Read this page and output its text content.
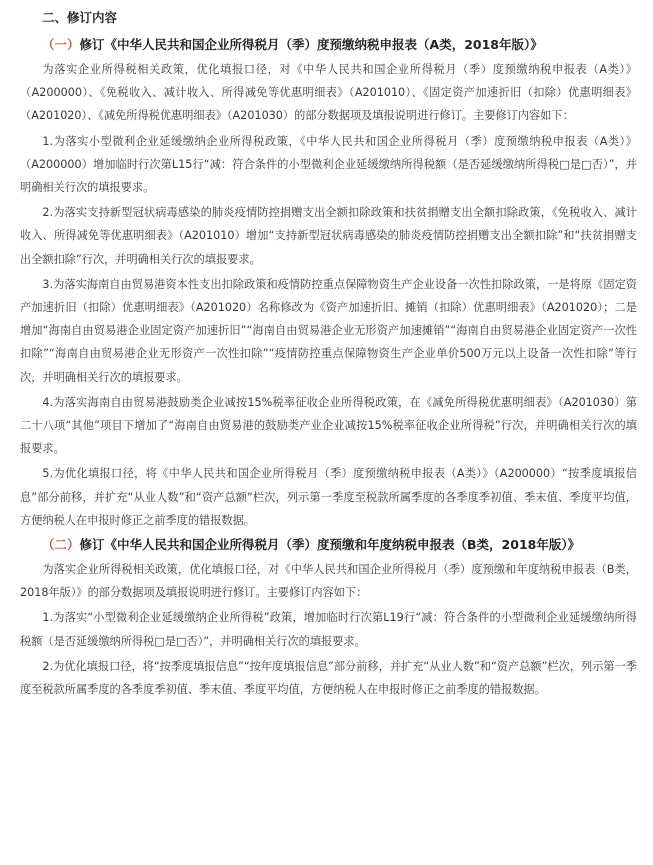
二、修订内容
（一）修订《中华人民共和国企业所得税月（季）度预缴纳税申报表（A类，2018年版）》

为落实企业所得税相关政策，优化填报口径，对《中华人民共和国企业所得税月（季）度预缴纳税申报表（A类）》（A200000）、《免税收入、减计收入、所得减免等优惠明细表》（A201010）、《固定资产加速折旧（扣除）优惠明细表》（A201020）、《减免所得税优惠明细表》（A201030）的部分数据项及填报说明进行修订。主要修订内容如下：

1.为落实小型微利企业延缓缴纳企业所得税政策，《中华人民共和国企业所得税月（季）度预缴纳税申报表（A类）》（A200000）增加临时行次第L15行“减：符合条件的小型微利企业延缓缴纳所得税额（是否延缓缴纳所得税□是□否）”，并明确相关行次的填报要求。

2.为落实支持新型冠状病毒感染的肺炎疫情防控捐赠支出全额扣除政策和扶贫捐赠支出全额扣除政策，《免税收入、减计收入、所得减免等优惠明细表》（A201010）增加“支持新型冠状病毒感染的肺炎疫情防控捐赠支出全额扣除”和“扶贫捐赠支出全额扣除”行次，并明确相关行次的填报要求。

3.为落实海南自由贸易港资本性支出扣除政策和疫情防控重点保障物资生产企业设备一次性扣除政策，一是将原《固定资产加速折旧（扣除）优惠明细表》（A201020）名称修改为《资产加速折旧、摊销（扣除）优惠明细表》（A201020）；二是增加“海南自由贸易港企业固定资产加速折旧”“海南自由贸易港企业无形资产加速摊销”“海南自由贸易港企业固定资产一次性扣除”“海南自由贸易港企业无形资产一次性扣除”“疫情防控重点保障物资生产企业单价500万元以上设备一次性扣除”等行次，并明确相关行次的填报要求。

4.为落实海南自由贸易港鼓励类企业减按15%税率征收企业所得税政策，在《减免所得税优惠明细表》（A201030）第二十八项“其他”项目下增加了“海南自由贸易港的鼓励类产业企业减按15%税率征收企业所得税”行次，并明确相关行次的填报要求。

5.为优化填报口径，将《中华人民共和国企业所得税月（季）度预缴纳税申报表（A类）》（A200000）“按季度填报信息”部分前移，并扩充“从业人数”和“资产总额”栏次，列示第一季度至税款所属季度的各季度季初值、季末值、季度平均值，方便纳税人在申报时修正之前季度的错报数据。

（二）修订《中华人民共和国企业所得税月（季）度预缴和年度纳税申报表（B类，2018年版）》

为落实企业所得税相关政策，优化填报口径，对《中华人民共和国企业所得税月（季）度预缴和年度纳税申报表（B类，2018年版）》的部分数据项及填报说明进行修订。主要修订内容如下：

1.为落实“小型微利企业延缓缴纳企业所得税”政策，增加临时行次第L19行“减：符合条件的小型微利企业延缓缴纳所得税额（是否延缓缴纳所得税□是□否）”，并明确相关行次的填报要求。

2.为优化填报口径，将“按季度填报信息”“按年度填报信息”部分前移，并扩充“从业人数”和“资产总额”栏次，列示第一季度至税款所属季度的各季度季初值、季末值、季度平均值，方便纳税人在申报时修正之前季度的错报数据。
